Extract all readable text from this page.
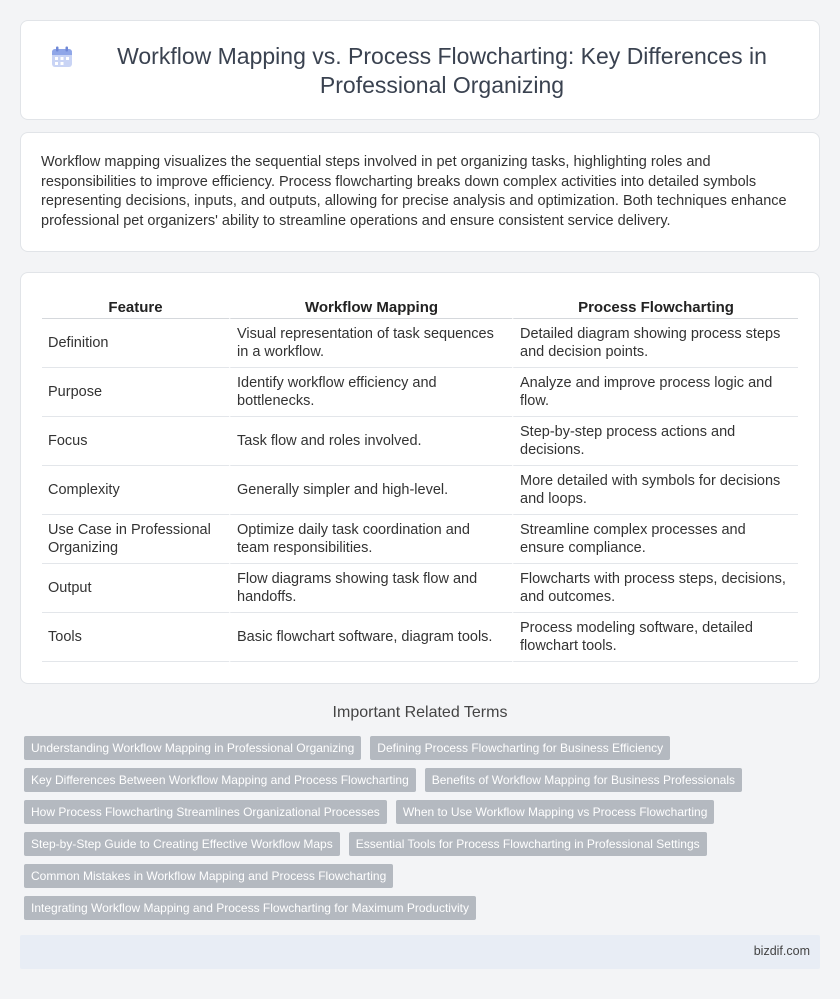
Workflow Mapping vs. Process Flowcharting: Key Differences in Professional Organizing

Workflow mapping visualizes the sequential steps involved in pet organizing tasks, highlighting roles and responsibilities to improve efficiency. Process flowcharting breaks down complex activities into detailed symbols representing decisions, inputs, and outputs, allowing for precise analysis and optimization. Both techniques enhance professional pet organizers' ability to streamline operations and ensure consistent service delivery.

Feature	Workflow Mapping	Process Flowcharting
Definition	Visual representation of task sequences in a workflow.	Detailed diagram showing process steps and decision points.
Purpose	Identify workflow efficiency and bottlenecks.	Analyze and improve process logic and flow.
Focus	Task flow and roles involved.	Step-by-step process actions and decisions.
Complexity	Generally simpler and high-level.	More detailed with symbols for decisions and loops.
Use Case in Professional Organizing	Optimize daily task coordination and team responsibilities.	Streamline complex processes and ensure compliance.
Output	Flow diagrams showing task flow and handoffs.	Flowcharts with process steps, decisions, and outcomes.
Tools	Basic flowchart software, diagram tools.	Process modeling software, detailed flowchart tools.
Important Related Terms
Understanding Workflow Mapping in Professional Organizing	Defining Process Flowcharting for Business Efficiency
Key Differences Between Workflow Mapping and Process Flowcharting	Benefits of Workflow Mapping for Business Professionals
How Process Flowcharting Streamlines Organizational Processes	When to Use Workflow Mapping vs Process Flowcharting
Step-by-Step Guide to Creating Effective Workflow Maps	Essential Tools for Process Flowcharting in Professional Settings
Common Mistakes in Workflow Mapping and Process Flowcharting
Integrating Workflow Mapping and Process Flowcharting for Maximum Productivity
bizdif.com
